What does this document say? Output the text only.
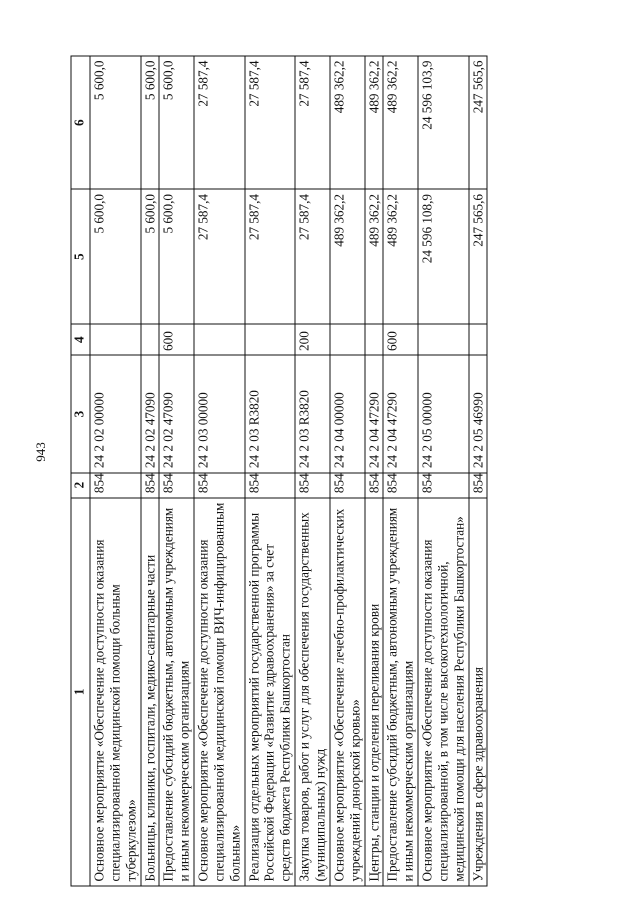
943
1	2	3	4	5	6
Основное мероприятие «Обеспечение доступности оказания специализированной медицинской помощи больным туберкулезом»	854	24 2 02 00000		5 600,0	5 600,0
Больницы, клиники, госпитали, медико-санитарные части	854	24 2 02 47090		5 600,0	5 600,0
Предоставление субсидий бюджетным, автономным учреждениям и иным некоммерческим организациям	854	24 2 02 47090	600	5 600,0	5 600,0
Основное мероприятие «Обеспечение доступности оказания специализированной медицинской помощи ВИЧ-инфицированным больным»	854	24 2 03 00000		27 587,4	27 587,4
Реализация отдельных мероприятий государственной программы Российской Федерации «Развитие здравоохранения» за счет средств бюджета Республики Башкортостан	854	24 2 03 R3820		27 587,4	27 587,4
Закупка товаров, работ и услуг для обеспечения государственных (муниципальных) нужд	854	24 2 03 R3820	200	27 587,4	27 587,4
Основное мероприятие «Обеспечение лечебно-профилактических учреждений донорской кровью»	854	24 2 04 00000		489 362,2	489 362,2
Центры, станции и отделения переливания крови	854	24 2 04 47290		489 362,2	489 362,2
Предоставление субсидий бюджетным, автономным учреждениям и иным некоммерческим организациям	854	24 2 04 47290	600	489 362,2	489 362,2
Основное мероприятие «Обеспечение доступности оказания специализированной, в том числе высокотехнологичной, медицинской помощи для населения Республики Башкортостан»	854	24 2 05 00000		24 596 108,9	24 596 103,9
Учреждения в сфере здравоохранения	854	24 2 05 46990		247 565,6	247 565,6
